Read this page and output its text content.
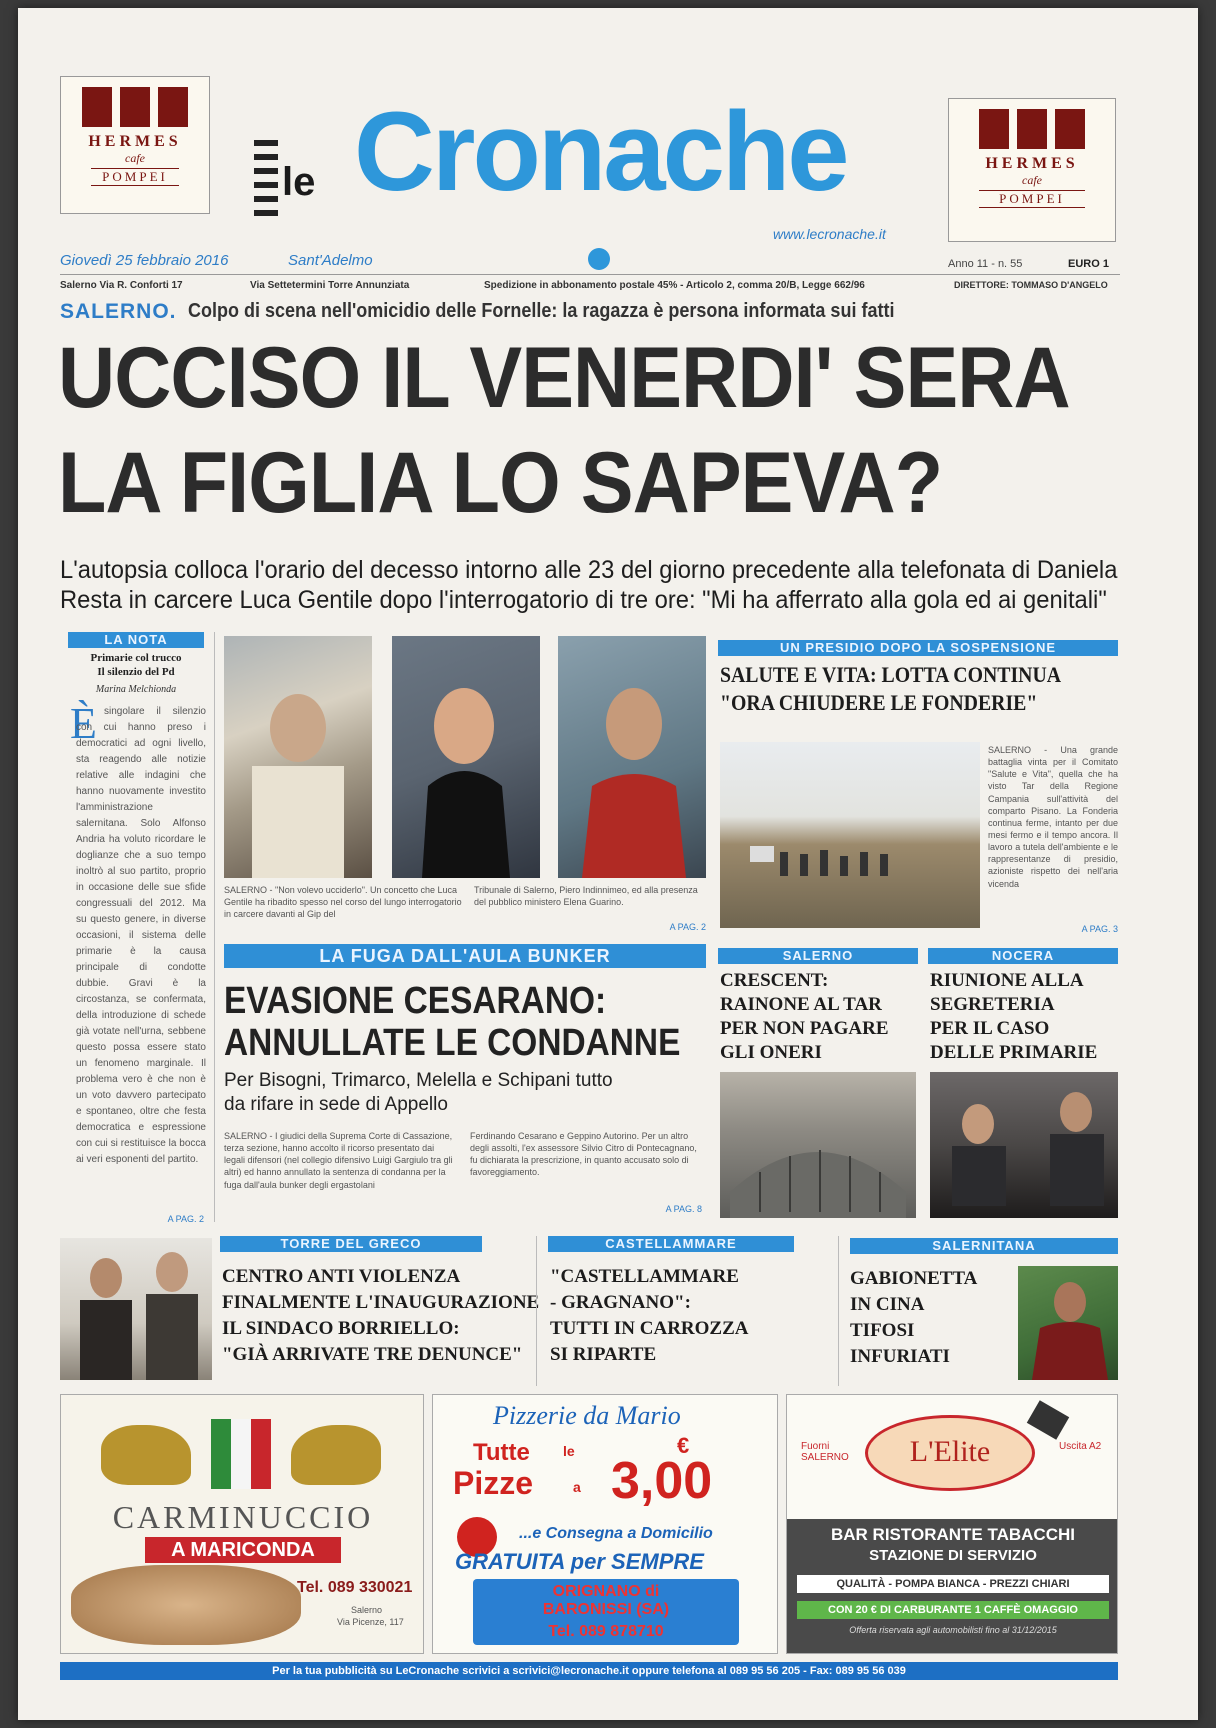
HERMES
cafe
POMPEI
HERMES
cafe
POMPEI
le Cronache
www.lecronache.it
Giovedì 25 febbraio 2016	Sant'Adelmo	Anno 11 - n. 55	EURO 1
Salerno Via R. Conforti 17	Via Settetermini Torre Annunziata	Spedizione in abbonamento postale 45% - Articolo 2, comma 20/B, Legge 662/96	DIRETTORE: TOMMASO D'ANGELO
SALERNO. Colpo di scena nell'omicidio delle Fornelle: la ragazza è persona informata sui fatti
UCCISO IL VENERDI' SERA
LA FIGLIA LO SAPEVA?
L'autopsia colloca l'orario del decesso intorno alle 23 del giorno precedente alla telefonata di Daniela
Resta in carcere Luca Gentile dopo l'interrogatorio di tre ore: "Mi ha afferrato alla gola ed ai genitali"
LA NOTA
Primarie col trucco
Il silenzio del Pd
Marina Melchionda
È singolare il silenzio con cui hanno preso i democratici ad ogni livello, sta reagendo alle notizie relative alle indagini che hanno nuovamente investito l'amministrazione salernitana. Solo Alfonso Andria ha voluto ricordare le doglianze che a suo tempo inoltrò al suo partito, proprio in occasione delle sue sfide congressuali del 2012. Ma su questo genere, in diverse occasioni, il sistema delle primarie è la causa principale di condotte dubbie. Gravi è la circostanza, se confermata, della introduzione di schede già votate nell'urna, sebbene questo possa essere stato un fenomeno marginale. Il problema vero è che non è un voto davvero partecipato e spontaneo, oltre che festa democratica e espressione con cui si restituisce la bocca ai veri esponenti del partito.
A PAG. 2
SALERNO - "Non volevo ucciderlo". Un concetto che Luca Gentile ha ribadito spesso nel corso del lungo interrogatorio in carcere davanti al Gip del
Tribunale di Salerno, Piero Indinnimeo, ed alla presenza del pubblico ministero Elena Guarino.
A PAG. 2
UN PRESIDIO DOPO LA SOSPENSIONE
SALUTE E VITA: LOTTA CONTINUA
"ORA CHIUDERE LE FONDERIE"
SALERNO - Una grande battaglia vinta per il Comitato "Salute e Vita", quella che ha visto Tar della Regione Campania sull'attività del comparto Pisano. La Fonderia continua ferme, intanto per due mesi fermo e il tempo ancora. Il lavoro a tutela dell'ambiente e le rappresentanze di presidio, azioniste rispetto dei nell'aria vicenda
A PAG. 3
LA FUGA DALL'AULA BUNKER
EVASIONE CESARANO:
ANNULLATE LE CONDANNE
Per Bisogni, Trimarco, Melella e Schipani tutto
da rifare in sede di Appello
SALERNO - I giudici della Suprema Corte di Cassazione, terza sezione, hanno accolto il ricorso presentato dai legali difensori (nel collegio difensivo Luigi Gargiulo tra gli altri) ed hanno annullato la sentenza di condanna per la fuga dall'aula bunker degli ergastolani
Ferdinando Cesarano e Geppino Autorino. Per un altro degli assolti, l'ex assessore Silvio Citro di Pontecagnano, fu dichiarata la prescrizione, in quanto accusato solo di favoreggiamento.
A PAG. 8
SALERNO
CRESCENT:
RAINONE AL TAR
PER NON PAGARE
GLI ONERI
NOCERA
RIUNIONE ALLA
SEGRETERIA
PER IL CASO
DELLE PRIMARIE
TORRE DEL GRECO
CENTRO ANTI VIOLENZA
FINALMENTE L'INAUGURAZIONE
IL SINDACO BORRIELLO:
"GIÀ ARRIVATE TRE DENUNCE"
CASTELLAMMARE
"CASTELLAMMARE
- GRAGNANO":
TUTTI IN CARROZZA
SI RIPARTE
SALERNITANA
GABIONETTA
IN CINA
TIFOSI
INFURIATI
CARMINUCCIO
A MARICONDA
Tel. 089 330021
Salerno
Via Picenze, 117
Pizzerie da Mario
Tutte le
Pizze	a 3,00
€
...e Consegna a Domicilio
GRATUITA per SEMPRE
ORIGNANO di
BARONISSI (SA)
Tel. 089 878710
Fuorni SALERNO
Uscita A2
L'Elite
BAR RISTORANTE TABACCHI
STAZIONE DI SERVIZIO
QUALITÀ - POMPA BIANCA - PREZZI CHIARI
CON 20 € DI CARBURANTE 1 CAFFÈ OMAGGIO
Offerta riservata agli automobilisti fino al 31/12/2015
Per la tua pubblicità su LeCronache scrivici a scrivici@lecronache.it oppure telefona al 089 95 56 205 - Fax: 089 95 56 039
